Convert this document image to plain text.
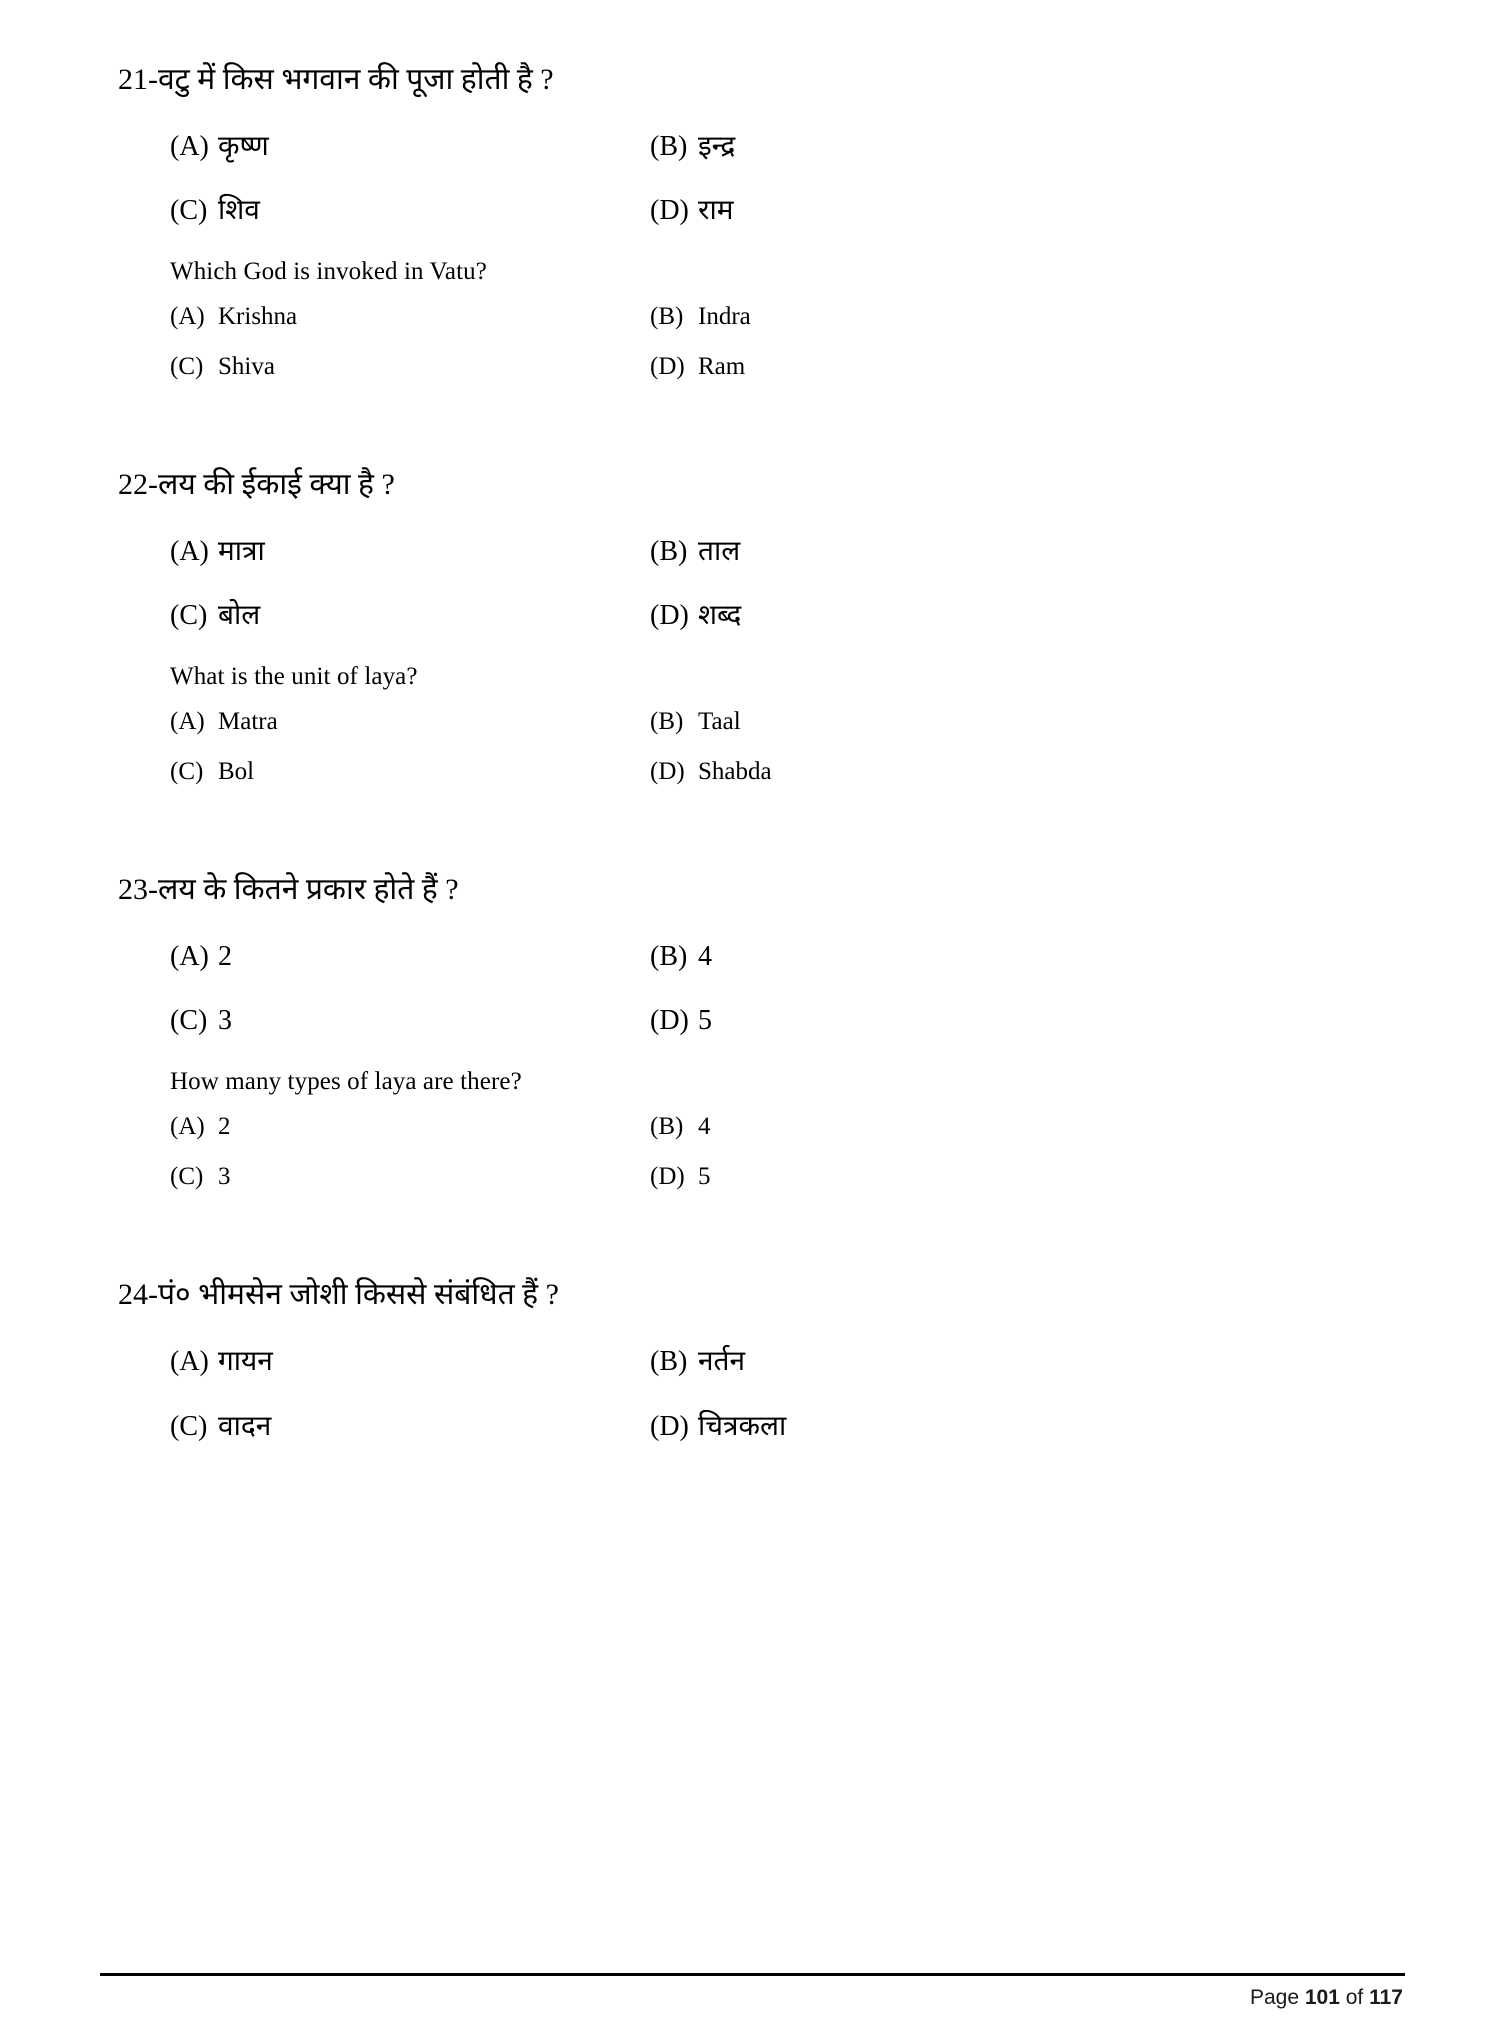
21-वटु में किस भगवान की पूजा होती है ?
(A) कृष्ण	(B) इन्द्र
(C) शिव	(D) राम
Which God is invoked in Vatu?
(A) Krishna	(B) Indra
(C) Shiva	(D) Ram
22-लय की ईकाई क्या है ?
(A) मात्रा	(B) ताल
(C) बोल	(D) शब्द
What is the unit of laya?
(A) Matra	(B) Taal
(C) Bol	(D) Shabda
23-लय के कितने प्रकार होते हैं ?
(A) 2	(B) 4
(C) 3	(D) 5
How many types of laya are there?
(A) 2	(B) 4
(C) 3	(D) 5
24-पं० भीमसेन जोशी किससे संबंधित हैं ?
(A) गायन	(B) नर्तन
(C) वादन	(D) चित्रकला
Page 101 of 117
